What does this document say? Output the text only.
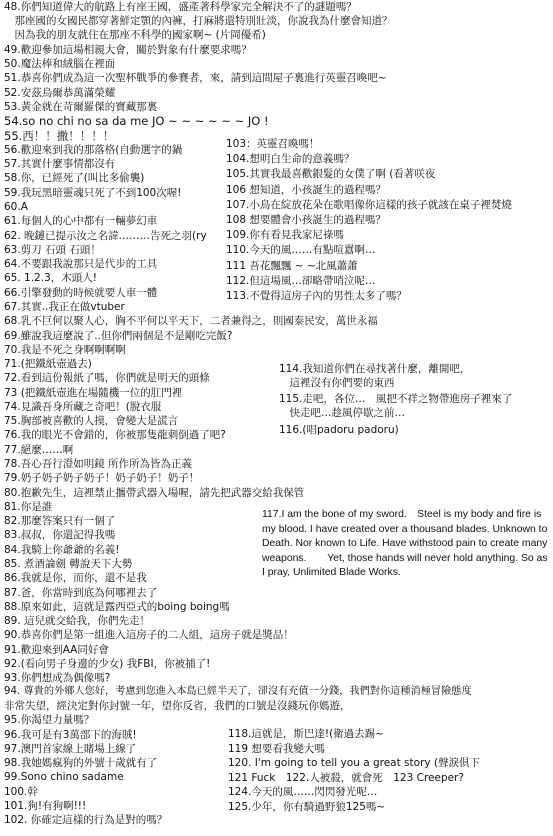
48.你們知道偉大的航路上有座王國，盛產著科學家完全解決不了的謎題嗎？
　那座國的女國民都穿著鮮定顎的內褲，打麻將還特別壯淡，你說我為什麼會知道？
　因為我的朋友就住在那座不科學的國家啊~ (片岡優希)
49.歡迎參加這場相親大會，關於對象有什麼要求嗎？
50.魔法棒和絨腦在裡面
51.恭喜你們成為這一次聖杯戰爭的參賽者，來，請到這間屋子裏進行英靈召喚吧~
52.安茲烏爾恭萬滿榮耀
53.黃金就在苛爾羅傑的寶藏那裏
54.so no chi no sa da me JO ~ ~ ~ ~ ~ ~ JO !
55.西！！撒！！！！
56.歡迎來到我的那落格(自動選字的鍋
57.其實什麼事情都沒有
58.你，已經死了(叫比多偷襲)
59.我玩黑暗靈魂只死了不到100次喔!
60.A
61.每個人的心中都有一輛夢幻車
62. 晚鏈已提示汝之名諱………告死之羽(ry
63.剪刀 石頭 石頭！
64.不要跟我說那只是代步的工具
65. 1.2.3，木頭人!
66.引擎發動的時候就要人車一體
67.其實..我正在做vtuber
68.乳不巨何以聚人心，胸不平何以平天下，二者兼得之，則國泰民安，萬世永福
69.雖說我這麼說了..但你們兩個是不是剛吃完飯?
70.我是不死之身啊啊啊啊
71.(把鐵紙壺過去)
72.看到這份報紙了嗎，你們就是明天的頭條
73 (把鐵紙壺進在場隨機一位的肛門裡
74.見識吾身所藏之奇吧！(脫衣服
75.胸部被喜歡的人摸，會變大是謊言
76.我的眼光不會錯的，你被那隻龍刺倒過了吧?
77.絕麼……啊
78.吾心吾行澄如明鏡 所作所為皆為正義
79.奶子奶子奶子奶子！奶子奶子！奶子！
80.抱歉先生，這裡禁止攜帶武器入場喔，請先把武器交給我保管
81.你是誰
82.那麼答案只有一個了
83.叔叔，你還記得我嗎
84.我騎上你爺爺的名義!
85. 煮酒論劍 轉說天下大勢
86.我就是你，而你，還不是我
87.爸，你當時到底為何哪裡去了
88.原來如此，這就是露西亞式的boing boing嗎
89. 這兒就交給我，你們先走！
90.恭喜你們是第一組進入這房子的二人組，這房子就是獎品！
91.歡迎來到AA同好會
92.(看向男子身邊的少女) 我FBI，你被捕了!
93.你們想成為偶像嗎?
94. 尊貴的外鄉人您好，考慮到您進入本島已經半天了，卻沒有充值一分錢，我們對你這種消極冒險態度
非常失望，經決定對你封號一年，望你反省，我們的口號是沒錢玩你媽遊，
95.你渴望力量嗎？
96.我可是有3萬部下的海賊!
97.澳門首家線上賭場上線了
98.我她媽瘋狗的外號十歲就有了
99.Sono chino sadame
100.幹
101.狗!有狗啊!!!
102. 你確定這樣的行為是對的嗎？
103：英靈召喚嗎！
104.想明白生命的意義嗎？
105.其實我最喜歡銀髮的女僕了啊 (看著咲夜
106 想知道，小孩誕生的過程嗎？
107.小鳥在綻放花朵在歌唱像你這樣的孩子就該在桌子裡焚燒
108 想要體會小孩誕生的過程嗎？
109.你有看見我家尼祿嗎
110.今天的風……有點喧囂啊…
111 吾花飄飄 ~ ~北風蕭蕭
112.但這場風…卻略帶哨泣呢…
113.不覺得這房子內的男性太多了嗎？
114.我知道你們在尋找著什麼，離開吧，
　這裡沒有你們要的東西
115.走吧，各位…　風把不祥之物帶進房子裡來了
　快走吧…趁風停歇之前…
116.(唱padoru padoru)
117.I am the bone of my sword.　Steel is my body and fire is my blood. I have created over a thousand blades. Unknown to Death. Nor known to Life. Have withstood pain to create many weapons.　　Yet, those hands will never hold anything. So as I pray, Unlimited Blade Works.
118.這就是，斯巴達!(衛過去踢~
119 想要看我變大嗎
120. I'm going to tell you a great story (聲淚俱下
121 Fuck　122.人被殺，就會死　123 Creeper?
124.今天的風……閃閃發光呢…
125.少年，你有騎過野狼125嗎~
